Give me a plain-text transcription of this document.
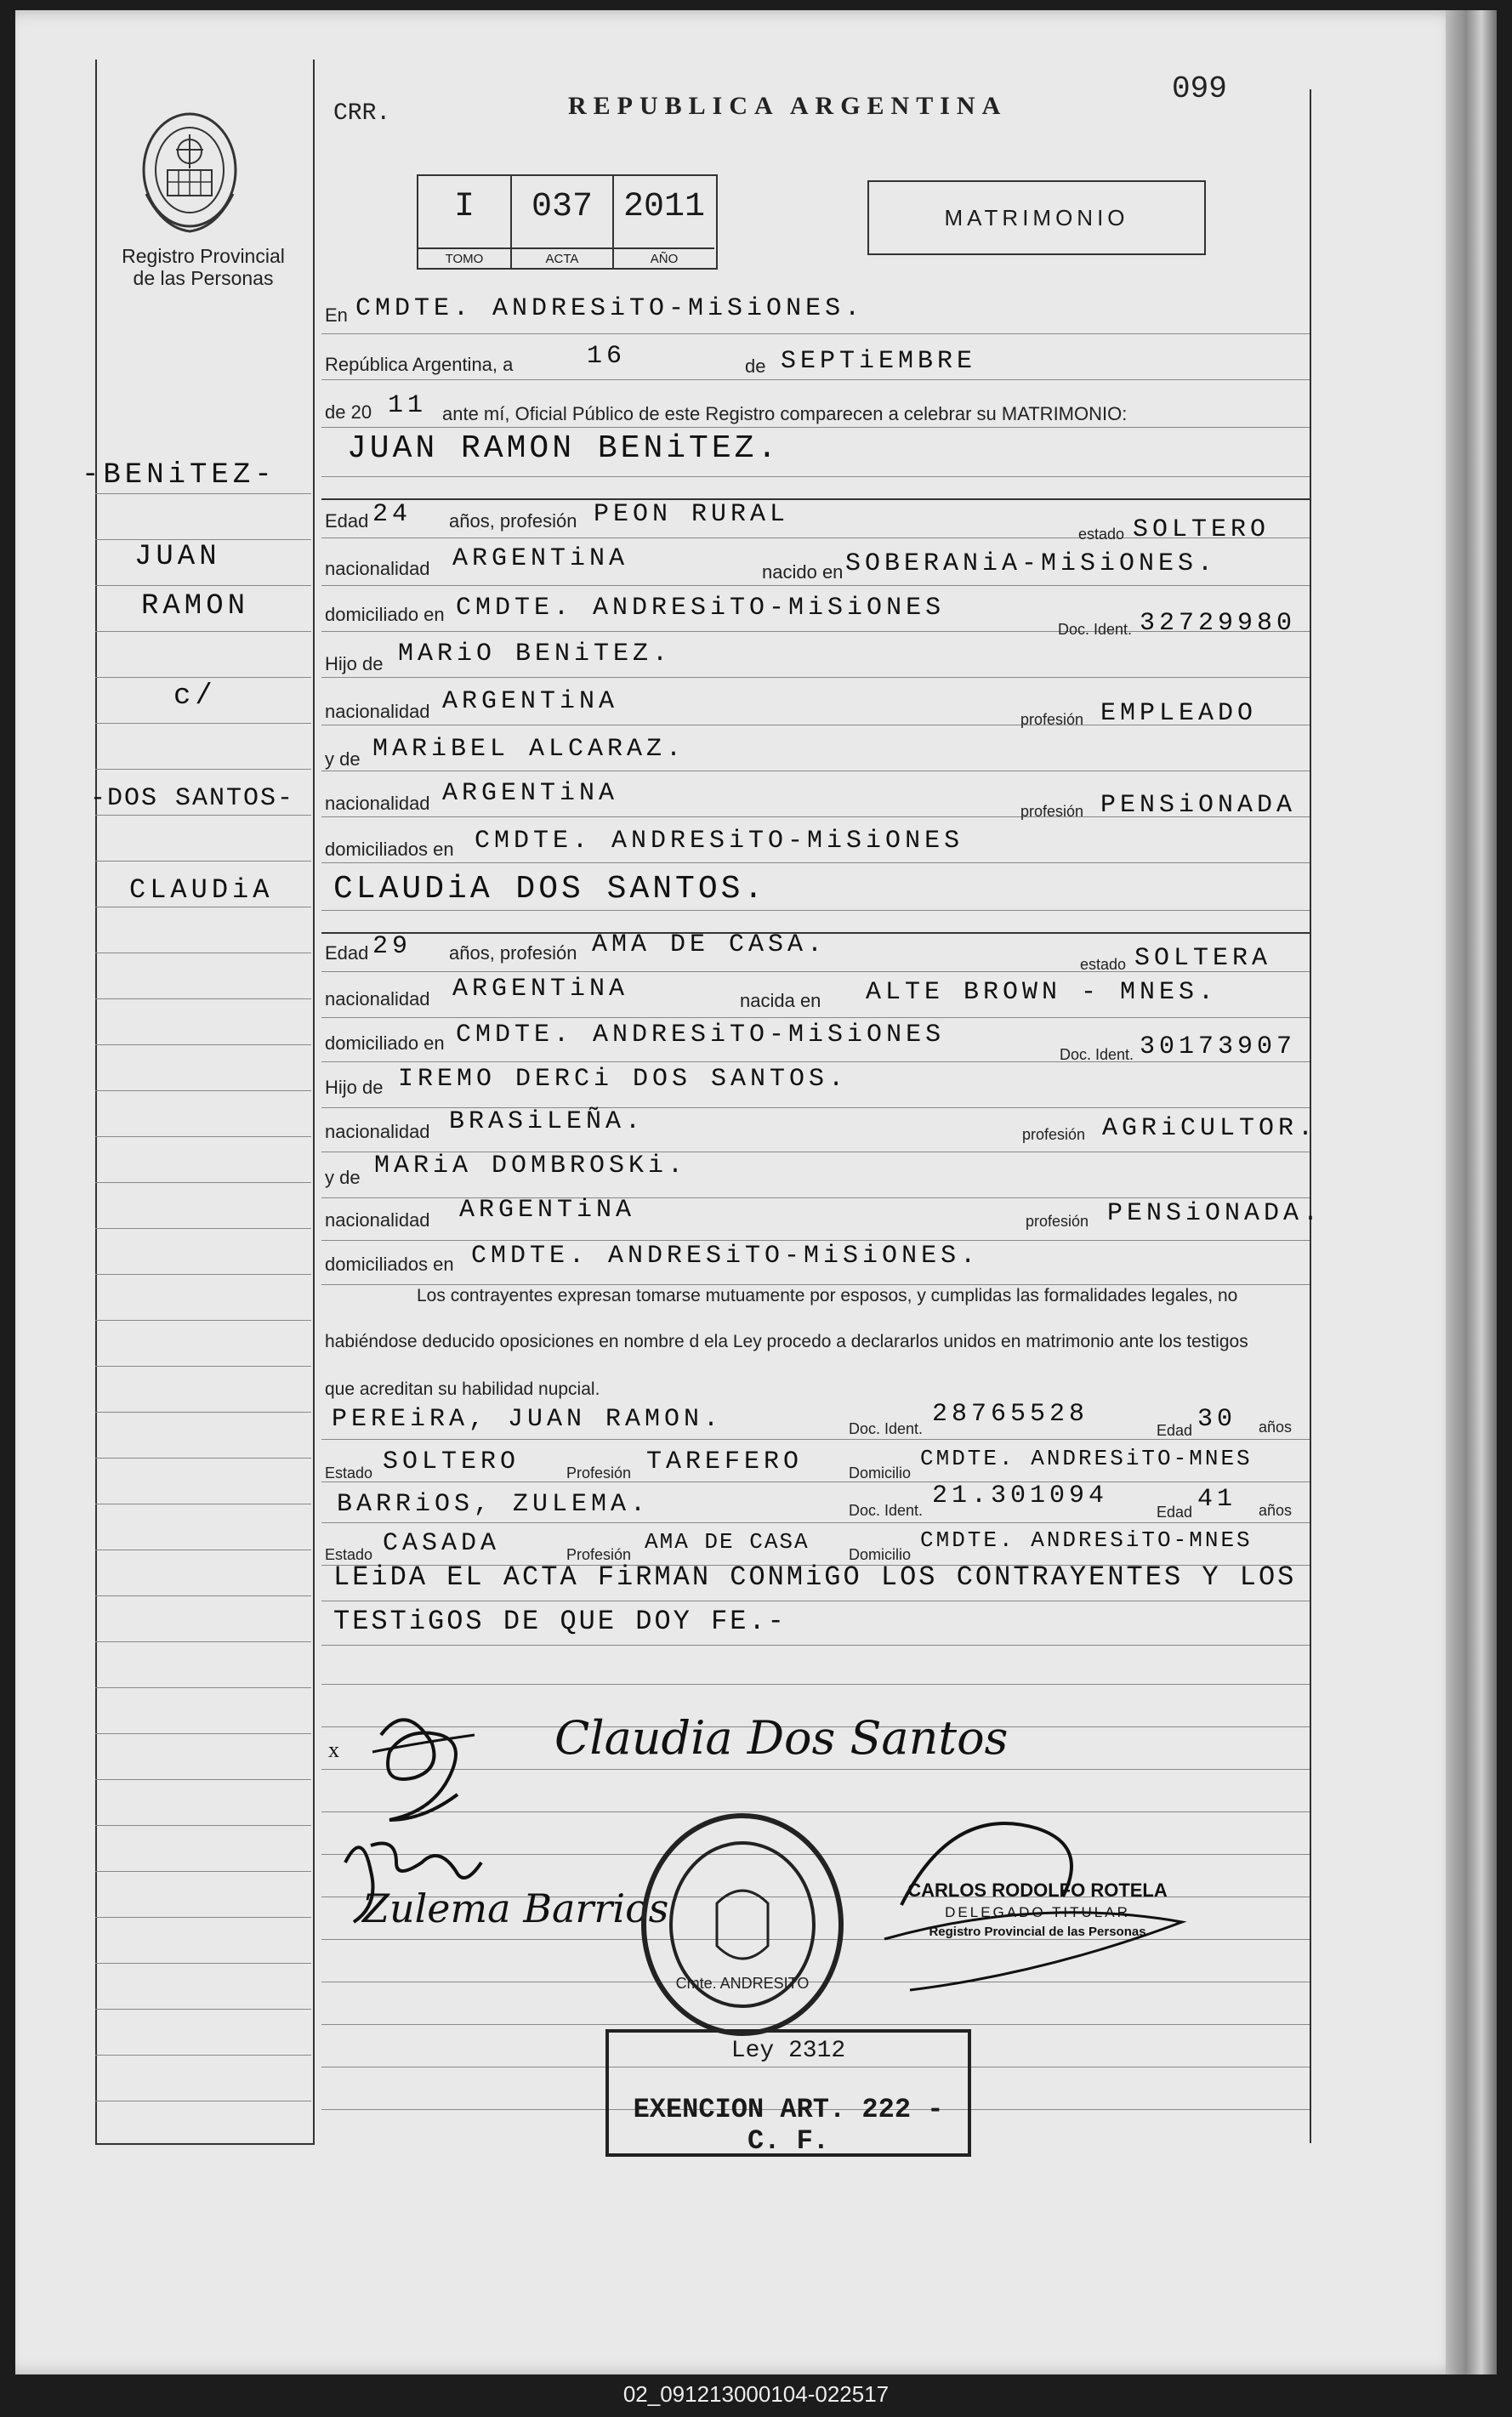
Registro Provincial
de las Personas
CRR.	REPUBLICA ARGENTINA	099
I	037 2011
TOMO	ACTA	AÑO
MATRIMONIO
En CMDTE. ANDRESiTO-MiSiONES.
República Argentina, a	16	de SEPTiEMBRE
de 20 11 ante mí, Oficial Público de este Registro comparecen a celebrar su MATRIMONIO:
JUAN RAMON BENiTEZ.
Edad 24 años, profesión PEON RURAL
estado SOLTERO
nacionalidad ARGENTiNA	nacido en SOBERANiA-MiSiONES.
domiciliado en CMDTE. ANDRESiTO-MiSiONES
Doc. Ident. 32729980
Hijo de MARiO BENiTEZ.
nacionalidad ARGENTiNA
profesión EMPLEADO
y de MARiBEL ALCARAZ.
nacionalidad ARGENTiNA
profesión PENSiONADA
domiciliados en CMDTE. ANDRESiTO-MiSiONES
CLAUDiA DOS SANTOS.
Edad 29 años, profesión AMA DE CASA.
estado SOLTERA
nacionalidad ARGENTiNA	nacida en ALTE BROWN - MNES.
domiciliado en CMDTE. ANDRESiTO-MiSiONES
Doc. Ident. 30173907
Hijo de IREMO DERCi DOS SANTOS.
nacionalidad BRASiLEÑA.	profesión AGRiCULTOR.
y de MARiA DOMBROSKi.
nacionalidad ARGENTiNA	profesión PENSiONADA.
domiciliados en CMDTE. ANDRESiTO-MiSiONES.
Los contrayentes expresan tomarse mutuamente por esposos, y cumplidas las formalidades legales, no
habiéndose deducido oposiciones en nombre d ela Ley procedo a declararlos unidos en matrimonio ante los testigos
que acreditan su habilidad nupcial.
PEREiRA, JUAN RAMON.	Doc. Ident. 28765528
Edad 30 años
Estado SOLTERO	Profesión TAREFERO	Domicilio
CMDTE. ANDRESiTO-MNES
BARRiOS, ZULEMA.	Doc. Ident. 21.301094
Edad 41 años
Estado CASADA	Profesión AMA DE CASA	Domicilio
CMDTE. ANDRESiTO-MNES
LEiDA EL ACTA FiRMAN CONMiGO LOS CONTRAYENTES Y LOS
TESTiGOS DE QUE DOY FE.-
-BENiTEZ-
JUAN
RAMON
c/
-DOS SANTOS-
CLAUDiA
x	Claudia Dos Santos
Zulema Barrios
Cmte. ANDRESITO
CARLOS RODOLFO ROTELA
DELEGADO TITULAR
Registro Provincial de las Personas
Ley 2312
EXENCION ART. 222 - C. F.
02_091213000104-022517
